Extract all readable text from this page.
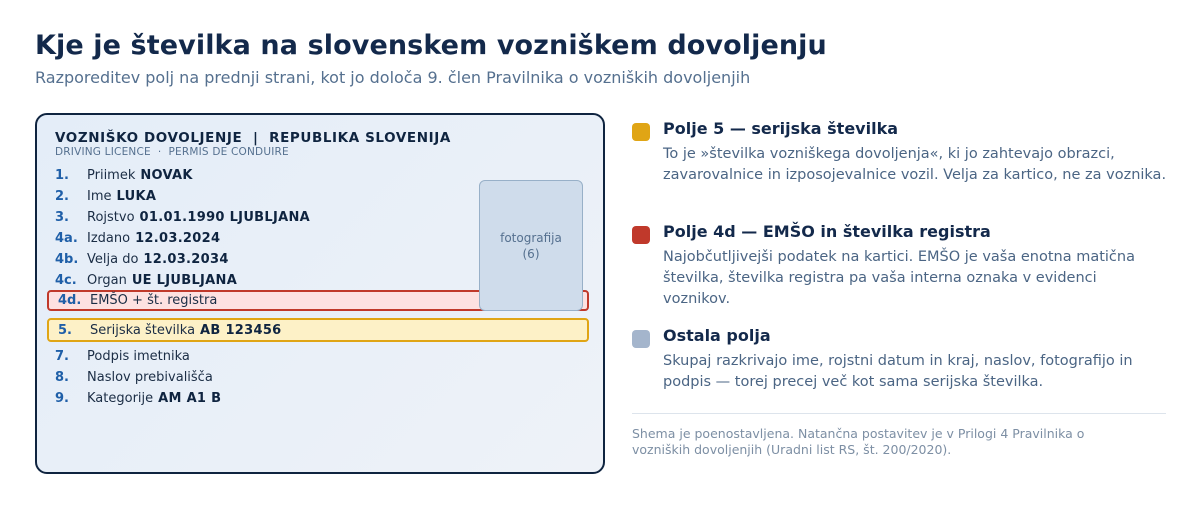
Kje je številka na slovenskem vozniškem dovoljenju

Razporeditev polj na prednji strani, kot jo določa 9. člen Pravilnika o vozniških dovoljenjih

VOZNIŠKO DOVOLJENJE  |  REPUBLIKA SLOVENIJA
DRIVING LICENCE  ·  PERMIS DE CONDUIRE
1.	Priimek NOVAK
2.	Ime LUKA
3.	Rojstvo 01.01.1990 LJUBLJANA
4a. Izdano 12.03.2024
4b. Velja do 12.03.2034
4c. Organ UE LJUBLJANA
4d. EMŠO + št. registra
5.	Serijska številka AB 123456
7.	Podpis imetnika
8.	Naslov prebivališča
9.	Kategorije AM A1 B
fotografija
(6)

Polje 5 — serijska številka

To je »številka vozniškega dovoljenja«, ki jo zahtevajo obrazci, zavarovalnice in izposojevalnice vozil. Velja za kartico, ne za voznika.

Polje 4d — EMŠO in številka registra

Najobčutljivejši podatek na kartici. EMŠO je vaša enotna matična številka, številka registra pa vaša interna oznaka v evidenci voznikov.

Ostala polja

Skupaj razkrivajo ime, rojstni datum in kraj, naslov, fotografijo in podpis — torej precej več kot sama serijska številka.

Shema je poenostavljena. Natančna postavitev je v Prilogi 4 Pravilnika o vozniških dovoljenjih (Uradni list RS, št. 200/2020).
